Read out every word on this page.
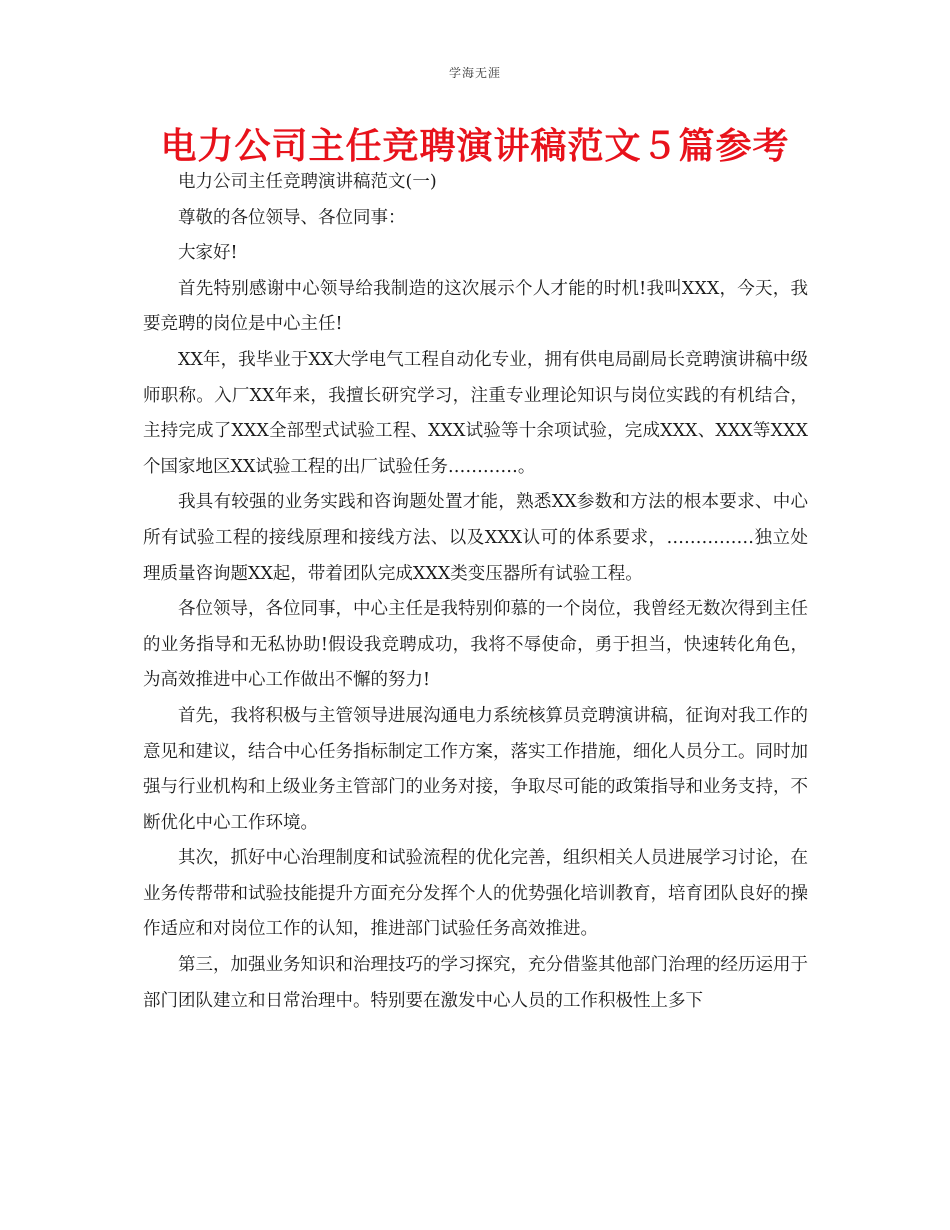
学海无涯
电力公司主任竞聘演讲稿范文５篇参考

电力公司主任竞聘演讲稿范文(一)

尊敬的各位领导、各位同事：

大家好!

首先特别感谢中心领导给我制造的这次展示个人才能的时机!我叫XXX，今天，我要竞聘的岗位是中心主任!

XX年，我毕业于XX大学电气工程自动化专业，拥有供电局副局长竞聘演讲稿中级师职称。入厂XX年来，我擅长研究学习，注重专业理论知识与岗位实践的有机结合，主持完成了XXX全部型式试验工程、XXX试验等十余项试验，完成XXX、XXX等XXX个国家地区XX试验工程的出厂试验任务…………。

我具有较强的业务实践和咨询题处置才能，熟悉XX参数和方法的根本要求、中心所有试验工程的接线原理和接线方法、以及XXX认可的体系要求，……………独立处理质量咨询题XX起，带着团队完成XXX类变压器所有试验工程。

各位领导，各位同事，中心主任是我特别仰慕的一个岗位，我曾经无数次得到主任的业务指导和无私协助!假设我竞聘成功，我将不辱使命，勇于担当，快速转化角色，为高效推进中心工作做出不懈的努力!

首先，我将积极与主管领导进展沟通电力系统核算员竞聘演讲稿，征询对我工作的意见和建议，结合中心任务指标制定工作方案，落实工作措施，细化人员分工。同时加强与行业机构和上级业务主管部门的业务对接，争取尽可能的政策指导和业务支持，不断优化中心工作环境。

其次，抓好中心治理制度和试验流程的优化完善，组织相关人员进展学习讨论，在业务传帮带和试验技能提升方面充分发挥个人的优势强化培训教育，培育团队良好的操作适应和对岗位工作的认知，推进部门试验任务高效推进。

第三，加强业务知识和治理技巧的学习探究，充分借鉴其他部门治理的经历运用于部门团队建立和日常治理中。特别要在激发中心人员的工作积极性上多下
